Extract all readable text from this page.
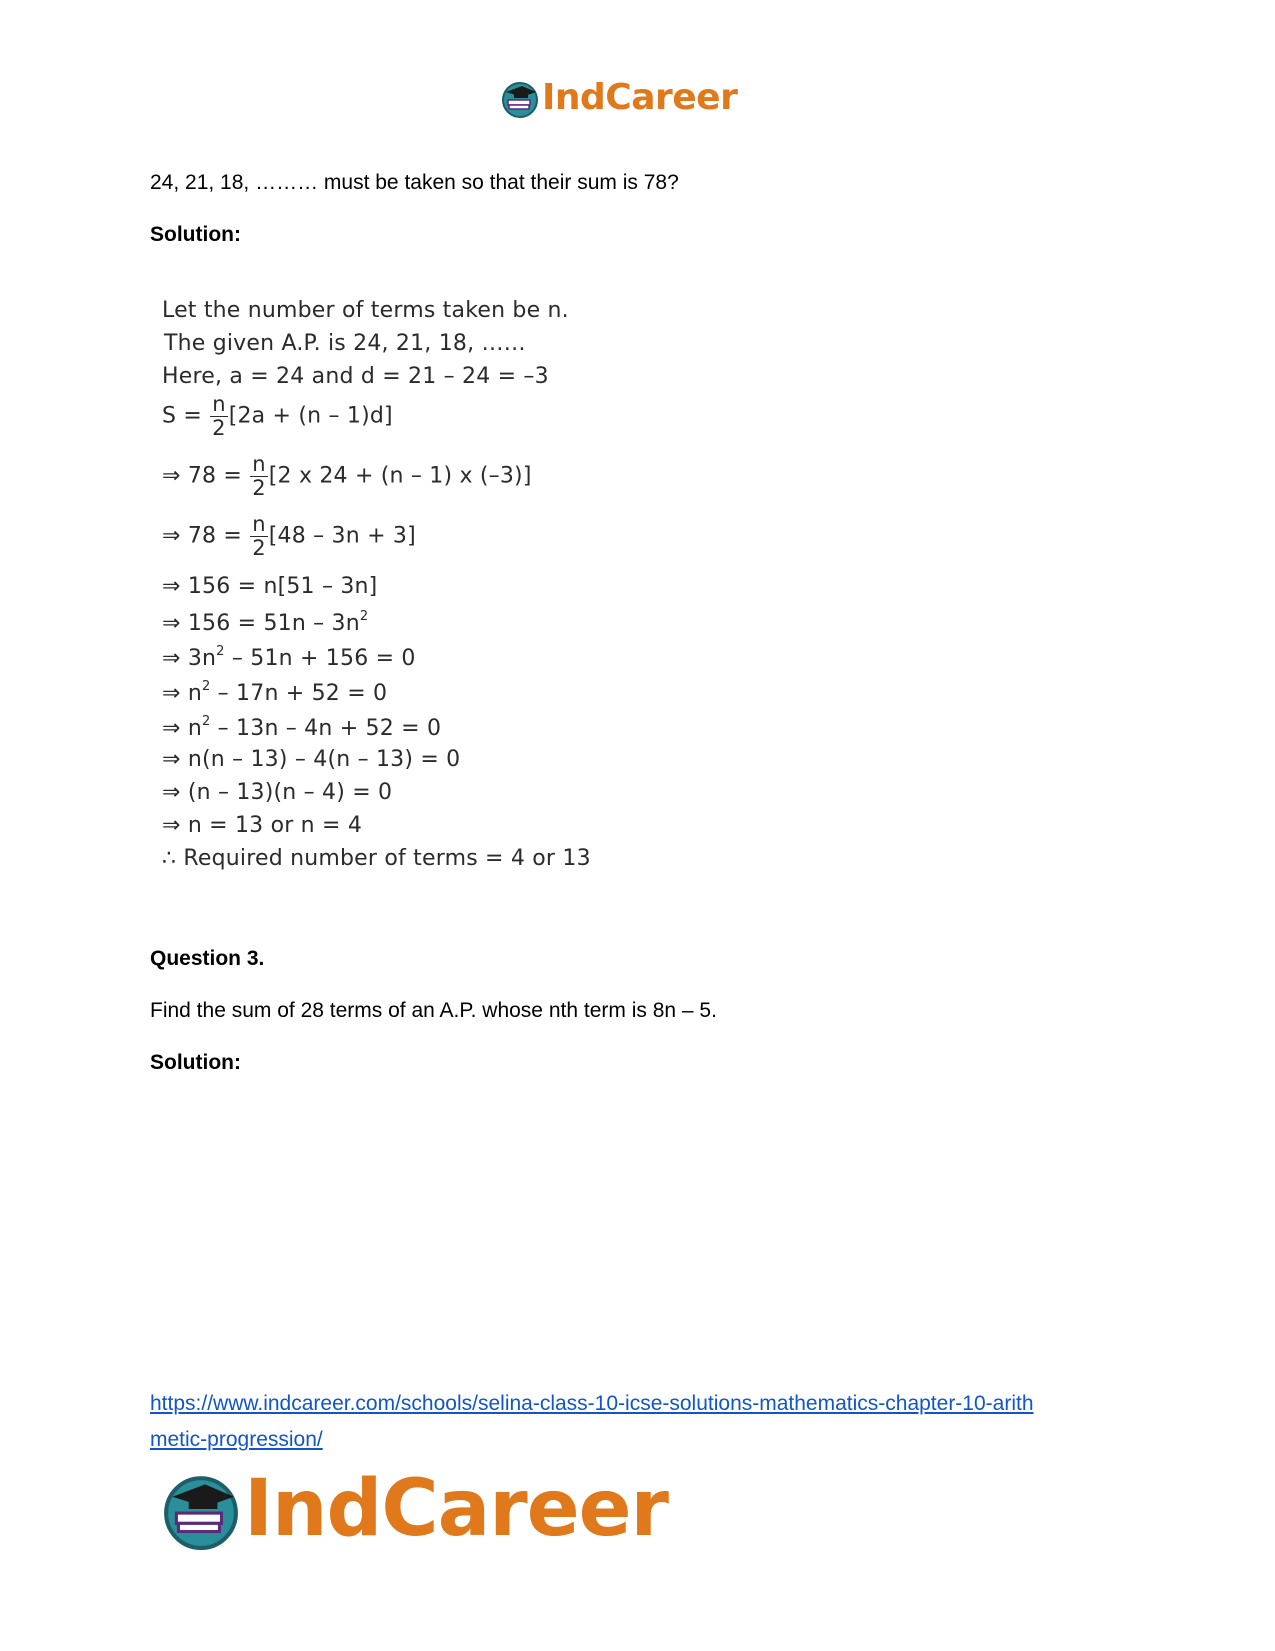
IndCareer
24, 21, 18, ……… must be taken so that their sum is 78?
Solution:
Let the number of terms taken be n.
The given A.P. is 24, 21, 18, ……
Here, a = 24 and d = 21 – 24 = –3
$S = \frac{n}{2} [2a + (n - 1)d]$
⇒ $78 = \frac{n}{2} [2$ x 24 + (n – 1) x (–3)]
⇒ $78 = \frac{n}{2} [48 - 3n + 3]$
⇒ 156 = n[51 – 3n]
⇒ $156 = 51n - 3n^2$
⇒ $3n^2 - 51n + 156 = 0$
⇒ $n^2 - 17n + 52 = 0$
⇒ $n^2 - 13n - 4n + 52 = 0$
⇒ n(n – 13) – 4(n – 13) = 0
⇒ (n – 13)(n – 4) = 0
⇒ n = 13 or n = 4
∴ Required number of terms = 4 or 13
Question 3.
Find the sum of 28 terms of an A.P. whose nth term is 8n – 5.
Solution:
https://www.indcareer.com/schools/selina-class-10-icse-solutions-mathematics-chapter-10-arith
metic-progression/
IndCareer
